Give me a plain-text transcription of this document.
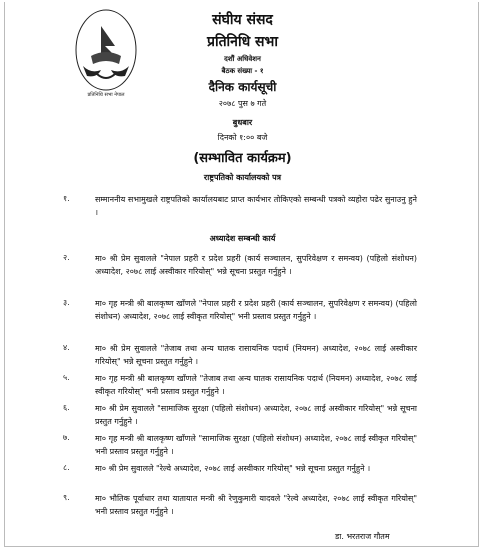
प्रतिनिधि सभा नेपाल
संघीय संसद
प्रतिनिधि सभा
दशौं अधिवेशन
बैठक संख्या - १
दैनिक कार्यसूची
२०७८ पुस ७ गते
बुधबार
दिनको १:०० बजे
(सम्भावित कार्यक्रम)
राष्ट्रपतिको कार्यालयको पत्र
१.	सम्माननीय सभामुखले राष्ट्रपतिको कार्यालयबाट प्राप्त कार्यभार तोकिएको सम्बन्धी पत्रको व्यहोरा पढेर सुनाउनु हुने ।
अध्यादेश सम्बन्धी कार्य
२.	मा० श्री प्रेम सुवालले "नेपाल प्रहरी र प्रदेश प्रहरी (कार्य सञ्चालन, सुपरिवेक्षण र समन्वय) (पहिलो संशोधन) अध्यादेश, २०७८ लाई अस्वीकार गरियोस्" भन्ने सूचना प्रस्तुत गर्नुहुने ।
३.	मा० गृह मन्त्री श्री बालकृष्ण खाँणले "नेपाल प्रहरी र प्रदेश प्रहरी (कार्य सञ्चालन, सुपरिवेक्षण र समन्वय) (पहिलो संशोधन) अध्यादेश, २०७८ लाई स्वीकृत गरियोस्" भनी प्रस्ताव प्रस्तुत गर्नुहुने ।
४.	मा० श्री प्रेम सुवालले "तेजाब तथा अन्य घातक रासायनिक पदार्थ (नियमन) अध्यादेश, २०७८ लाई अस्वीकार गरियोस्" भन्ने सूचना प्रस्तुत गर्नुहुने ।
५.	मा० गृह मन्त्री श्री बालकृष्ण खाँणले "तेजाब तथा अन्य घातक रासायनिक पदार्थ (नियमन) अध्यादेश, २०७८ लाई स्वीकृत गरियोस्" भनी प्रस्ताव प्रस्तुत गर्नुहुने ।
६.	मा० श्री प्रेम सुवालले "सामाजिक सुरक्षा (पहिलो संशोधन) अध्यादेश, २०७८ लाई अस्वीकार गरियोस्" भन्ने सूचना प्रस्तुत गर्नुहुने ।
७.	मा० गृह मन्त्री श्री बालकृष्ण खाँणले "सामाजिक सुरक्षा (पहिलो संशोधन) अध्यादेश, २०७८ लाई स्वीकृत गरियोस्" भनी प्रस्ताव प्रस्तुत गर्नुहुने ।
८.	मा० श्री प्रेम सुवालले "रेल्वे अध्यादेश, २०७८ लाई अस्वीकार गरियोस्" भन्ने सूचना प्रस्तुत गर्नुहुने ।
९.	मा० भौतिक पूर्वाधार तथा यातायात मन्त्री श्री रेणुकुमारी यादवले "रेल्वे अध्यादेश, २०७८ लाई स्वीकृत गरियोस्" भनी प्रस्ताव प्रस्तुत गर्नुहुने ।
डा. भरतराज गौतम
